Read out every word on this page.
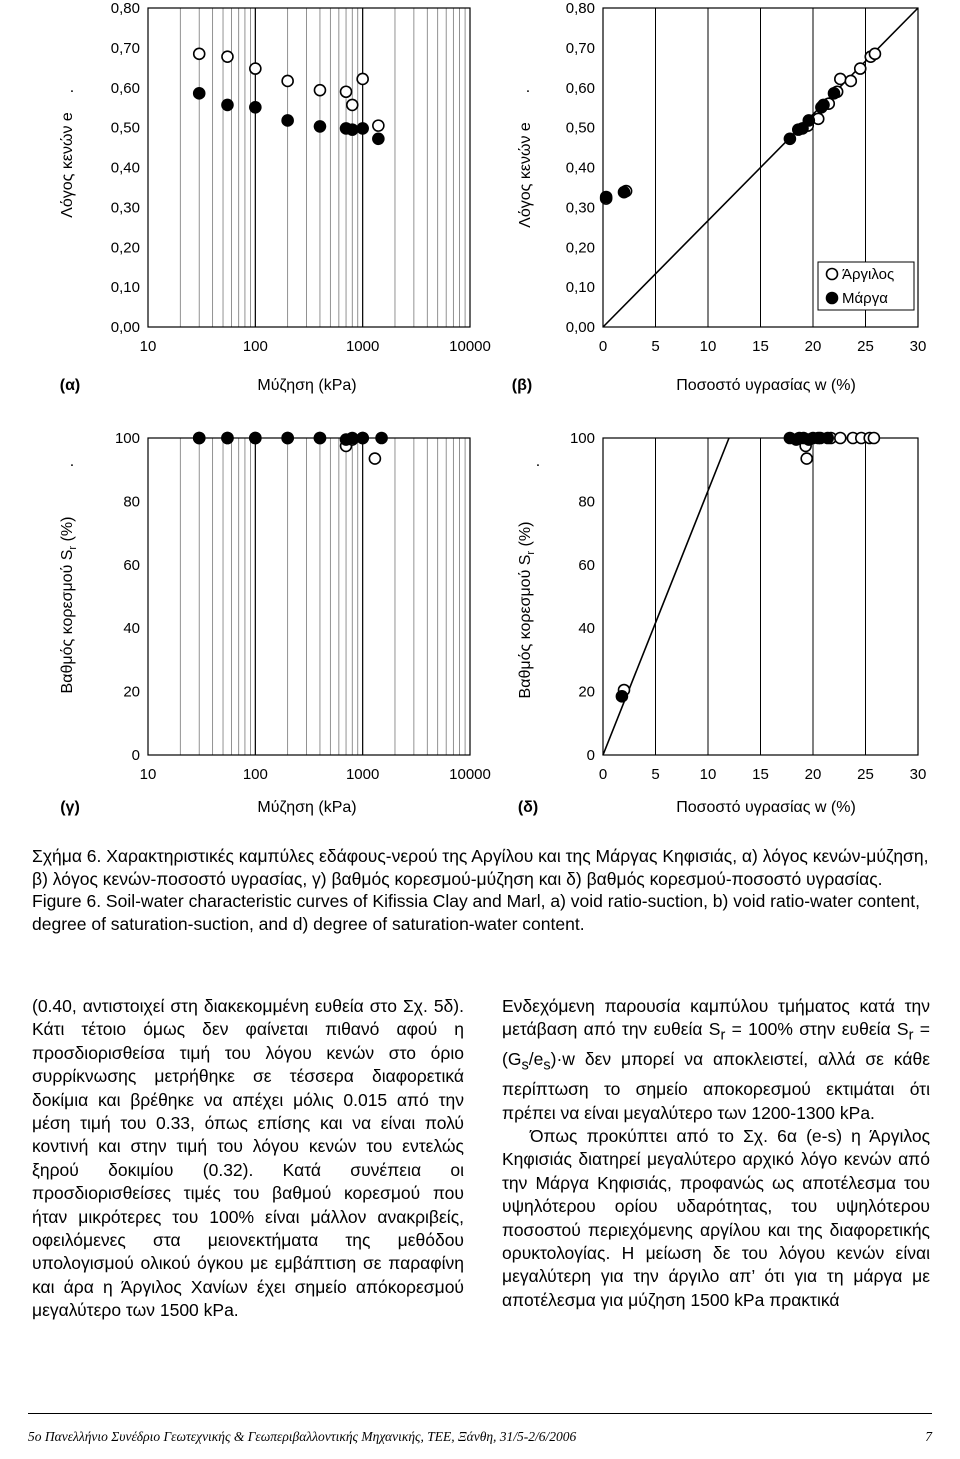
0,00
0,10
0,20
0,30
0,40
0,50
0,60
0,70
0,80
10	100	1000	10000
Λόγος κενών e
.
Μύζηση (kPa)
(α)
0,00
0,10
0,20
0,30
0,40
0,50
0,60
0,70
0,80
0	5	10 15 20 25 30
Άργιλος
Μάργα
Λόγος κενών e
.
Ποσοστό υγρασίας w (%)
(β)
0
20
40
60
80
100
10	100	1000	10000
Βαθμός κορεσμού $S_r$ (%)
.
Μύζηση (kPa)
(γ)
0
20
40
60
80
100
0	5	10 15 20 25 30
Βαθμός κορεσμού $S_r$ (%)
.
Ποσοστό υγρασίας w (%)
(δ)

Σχήμα 6. Χαρακτηριστικές καμπύλες εδάφους-νερού της Αργίλου και της Μάργας Κηφισιάς, α) λόγος κενών-μύζηση, β) λόγος κενών-ποσοστό υγρασίας, γ) βαθμός κορεσμού-μύζηση και δ) βαθμός κορεσμού-ποσοστό υγρασίας.

Figure 6. Soil-water characteristic curves of Kifissia Clay and Marl, a) void ratio-suction, b) void ratio-water content, degree of saturation-suction, and d) degree of saturation-water content.

(0.40, αντιστοιχεί στη διακεκομμένη ευθεία στο Σχ. 5δ). Κάτι τέτοιο όμως δεν φαίνεται πιθανό αφού η προσδιορισθείσα τιμή του λόγου κενών στο όριο συρρίκνωσης μετρήθηκε σε τέσσερα διαφορετικά δοκίμια και βρέθηκε να απέχει μόλις 0.015 από την μέση τιμή του 0.33, όπως επίσης και να είναι πολύ κοντινή και στην τιμή του λόγου κενών του εντελώς ξηρού δοκιμίου (0.32). Κατά συνέπεια οι προσδιορισθείσες τιμές του βαθμού κορεσμού που ήταν μικρότερες του 100% είναι μάλλον ανακριβείς, οφειλόμενες στα μειονεκτήματα της μεθόδου υπολογισμού ολικού όγκου με εμβάπτιση σε παραφίνη και άρα η Άργιλος Χανίων έχει σημείο απόκορεσμού μεγαλύτερο των 1500 kPa.

Ενδεχόμενη παρουσία καμπύλου τμήματος κατά την μετάβαση από την ευθεία $S_r = 100\%$ στην ευθεία $S_r = (G_s/e_s)\cdot w$ δεν μπορεί να αποκλειστεί, αλλά σε κάθε περίπτωση το σημείο αποκορεσμού εκτιμάται ότι πρέπει να είναι μεγαλύτερο των 1200-1300 kPa.

Όπως προκύπτει από το Σχ. 6α (e-s) η Άργιλος Κηφισιάς διατηρεί μεγαλύτερο αρχικό λόγο κενών από την Μάργα Κηφισιάς, προφανώς ως αποτέλεσμα του υψηλότερου ορίου υδαρότητας, του υψηλότερου ποσοστού περιεχόμενης αργίλου και της διαφορετικής ορυκτολογίας. Η μείωση δε του λόγου κενών είναι μεγαλύτερη για την άργιλο απ’ ότι για τη μάργα με αποτέλεσμα για μύζηση 1500 kPa πρακτικά

5ο Πανελλήνιο Συνέδριο Γεωτεχνικής & Γεωπεριβαλλοντικής Μηχανικής, ΤΕΕ, Ξάνθη, 31/5-2/6/2006	7
